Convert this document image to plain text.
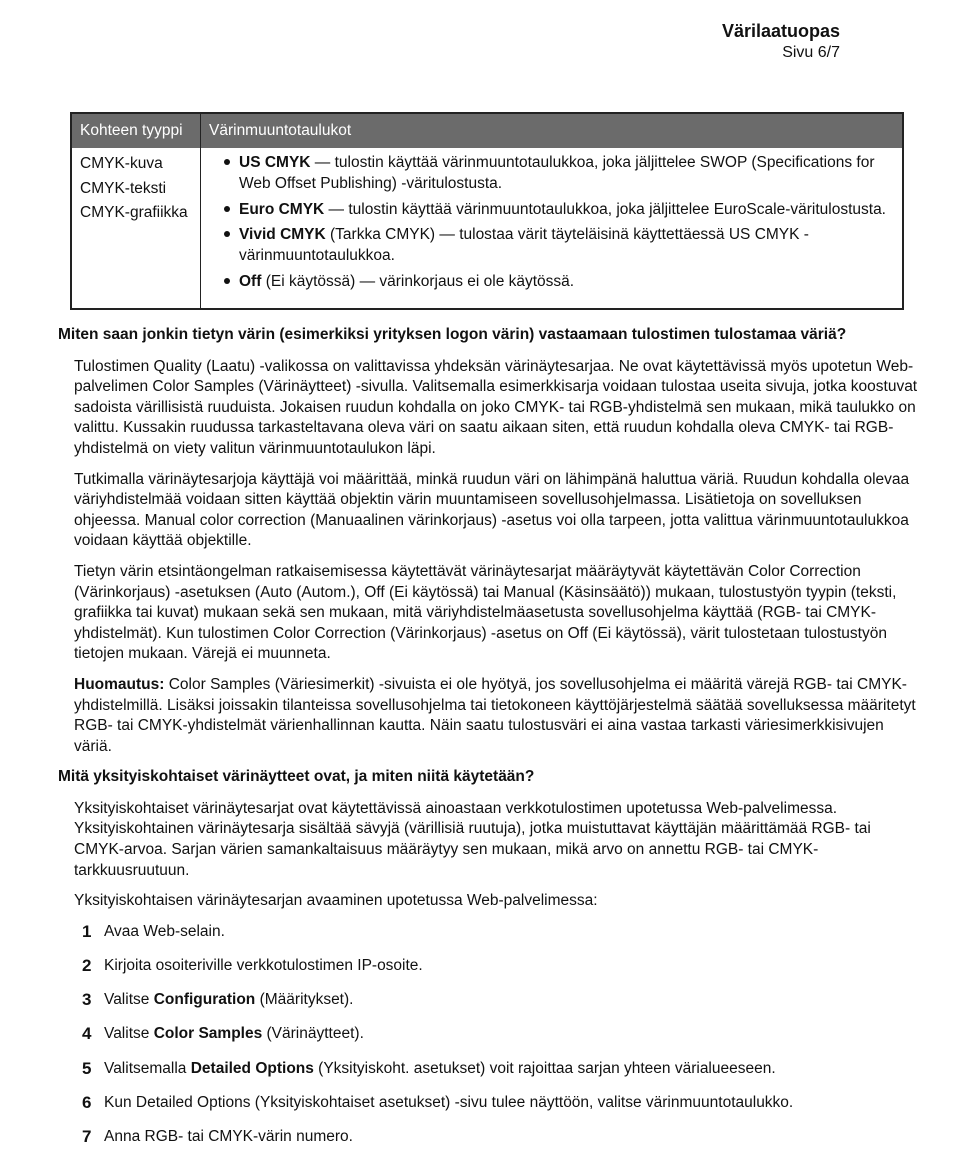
Värilaatuopas
Sivu 6/7
Kohteen tyyppi Värinmuuntotaulukot
CMYK-kuva
CMYK-teksti
CMYK-grafiikka
US CMYK — tulostin käyttää värinmuuntotaulukkoa, joka jäljittelee SWOP (Specifications for Web Offset Publishing) -väritulostusta.
Euro CMYK — tulostin käyttää värinmuuntotaulukkoa, joka jäljittelee EuroScale-väritulostusta.
Vivid CMYK (Tarkka CMYK) — tulostaa värit täyteläisinä käyttettäessä US CMYK -värinmuuntotaulukkoa.
Off (Ei käytössä) — värinkorjaus ei ole käytössä.
Miten saan jonkin tietyn värin (esimerkiksi yrityksen logon värin) vastaamaan tulostimen tulostamaa väriä?

Tulostimen Quality (Laatu) -valikossa on valittavissa yhdeksän värinäytesarjaa. Ne ovat käytettävissä myös upotetun Web-palvelimen Color Samples (Värinäytteet) -sivulla. Valitsemalla esimerkkisarja voidaan tulostaa useita sivuja, jotka koostuvat sadoista värillisistä ruuduista. Jokaisen ruudun kohdalla on joko CMYK- tai RGB-yhdistelmä sen mukaan, mikä taulukko on valittu. Kussakin ruudussa tarkasteltavana oleva väri on saatu aikaan siten, että ruudun kohdalla oleva CMYK- tai RGB-yhdistelmä on viety valitun värinmuuntotaulukon läpi.

Tutkimalla värinäytesarjoja käyttäjä voi määrittää, minkä ruudun väri on lähimpänä haluttua väriä. Ruudun kohdalla olevaa väriyhdistelmää voidaan sitten käyttää objektin värin muuntamiseen sovellusohjelmassa. Lisätietoja on sovelluksen ohjeessa. Manual color correction (Manuaalinen värinkorjaus) -asetus voi olla tarpeen, jotta valittua värinmuuntotaulukkoa voidaan käyttää objektille.

Tietyn värin etsintäongelman ratkaisemisessa käytettävät värinäytesarjat määräytyvät käytettävän Color Correction (Värinkorjaus) -asetuksen (Auto (Autom.), Off (Ei käytössä) tai Manual (Käsinsäätö)) mukaan, tulostustyön tyypin (teksti, grafiikka tai kuvat) mukaan sekä sen mukaan, mitä väriyhdistelmäasetusta sovellusohjelma käyttää (RGB- tai CMYK-yhdistelmät). Kun tulostimen Color Correction (Värinkorjaus) -asetus on Off (Ei käytössä), värit tulostetaan tulostustyön tietojen mukaan. Värejä ei muunneta.

Huomautus: Color Samples (Väriesimerkit) -sivuista ei ole hyötyä, jos sovellusohjelma ei määritä värejä RGB- tai CMYK-yhdistelmillä. Lisäksi joissakin tilanteissa sovellusohjelma tai tietokoneen käyttöjärjestelmä säätää sovelluksessa määritetyt RGB- tai CMYK-yhdistelmät värienhallinnan kautta. Näin saatu tulostusväri ei aina vastaa tarkasti väriesimerkkisivujen väriä.

Mitä yksityiskohtaiset värinäytteet ovat, ja miten niitä käytetään?

Yksityiskohtaiset värinäytesarjat ovat käytettävissä ainoastaan verkkotulostimen upotetussa Web-palvelimessa. Yksityiskohtainen värinäytesarja sisältää sävyjä (värillisiä ruutuja), jotka muistuttavat käyttäjän määrittämää RGB- tai CMYK-arvoa. Sarjan värien samankaltaisuus määräytyy sen mukaan, mikä arvo on annettu RGB- tai CMYK-tarkkuusruutuun.

Yksityiskohtaisen värinäytesarjan avaaminen upotetussa Web-palvelimessa:

1 Avaa Web-selain.
2 Kirjoita osoiteriville verkkotulostimen IP-osoite.
3 Valitse Configuration (Määritykset).
4 Valitse Color Samples (Värinäytteet).
5 Valitsemalla Detailed Options (Yksityiskoht. asetukset) voit rajoittaa sarjan yhteen värialueeseen.
6 Kun Detailed Options (Yksityiskohtaiset asetukset) -sivu tulee näyttöön, valitse värinmuuntotaulukko.
7 Anna RGB- tai CMYK-värin numero.
